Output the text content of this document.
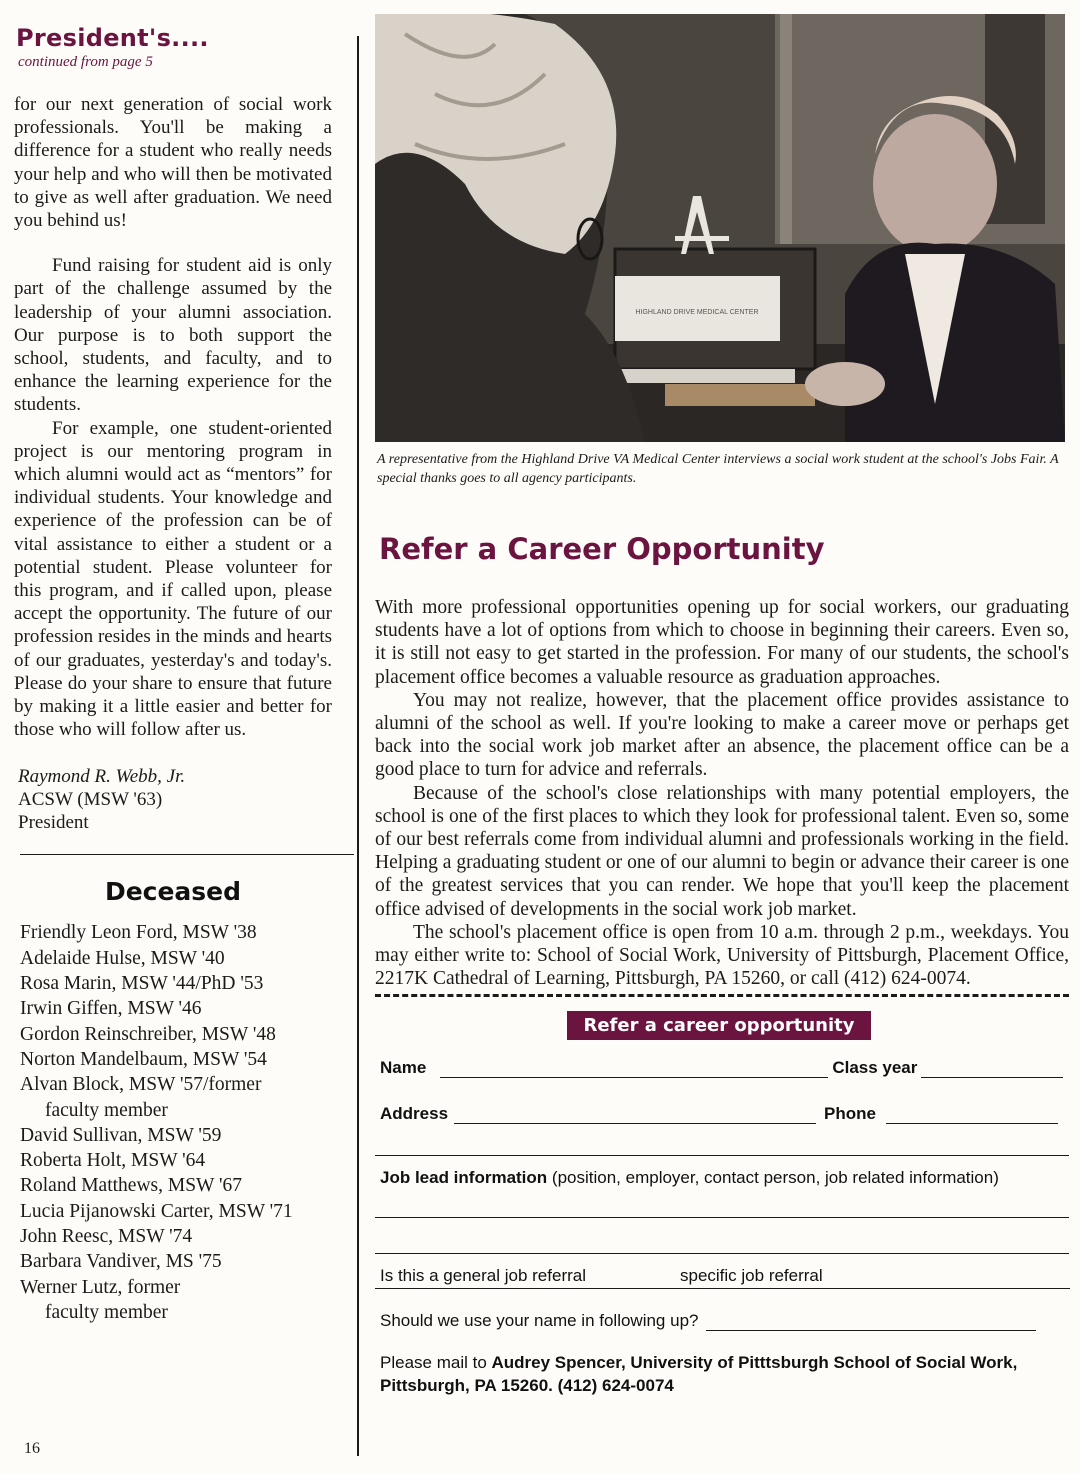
President's....
continued from page 5

for our next generation of social work professionals. You'll be making a difference for a student who really needs your help and who will then be motivated to give as well after graduation. We need you behind us!

Fund raising for student aid is only part of the challenge assumed by the leadership of your alumni association. Our purpose is to both support the school, students, and faculty, and to enhance the learning experience for the students.

For example, one student-oriented project is our mentoring program in which alumni would act as “mentors” for individual students. Your knowledge and experience of the profession can be of vital assistance to either a student or a potential student. Please volunteer for this program, and if called upon, please accept the opportunity. The future of our profession resides in the minds and hearts of our graduates, yesterday's and today's. Please do your share to ensure that future by making it a little easier and better for those who will follow after us.

Raymond R. Webb, Jr.
ACSW (MSW '63)
President
Deceased
Friendly Leon Ford, MSW '38
Adelaide Hulse, MSW '40
Rosa Marin, MSW '44/PhD '53
Irwin Giffen, MSW '46
Gordon Reinschreiber, MSW '48
Norton Mandelbaum, MSW '54
Alvan Block, MSW '57/former
faculty member
David Sullivan, MSW '59
Roberta Holt, MSW '64
Roland Matthews, MSW '67
Lucia Pijanowski Carter, MSW '71
John Reesc, MSW '74
Barbara Vandiver, MS '75
Werner Lutz, former
faculty member
16
HIGHLAND DRIVE MEDICAL CENTER
A representative from the Highland Drive VA Medical Center interviews a social work student at the school's Jobs Fair. A special thanks goes to all agency participants.
Refer a Career Opportunity

With more professional opportunities opening up for social workers, our graduating students have a lot of options from which to choose in beginning their careers. Even so, it is still not easy to get started in the profession. For many of our students, the school's placement office becomes a valuable resource as graduation approaches.

You may not realize, however, that the placement office provides assistance to alumni of the school as well. If you're looking to make a career move or perhaps get back into the social work job market after an absence, the placement office can be a good place to turn for advice and referrals.

Because of the school's close relationships with many potential employers, the school is one of the first places to which they look for professional talent. Even so, some of our best referrals come from individual alumni and professionals working in the field. Helping a graduating student or one of our alumni to begin or advance their career is one of the greatest services that you can render. We hope that you'll keep the placement office advised of developments in the social work job market.

The school's placement office is open from 10 a.m. through 2 p.m., weekdays. You may either write to: School of Social Work, University of Pittsburgh, Placement Office, 2217K Cathedral of Learning, Pittsburgh, PA 15260, or call (412) 624-0074.

Refer a career opportunity
Name	Class year
Address	Phone
Job lead information (position, employer, contact person, job related information)
Is this a general job referral	specific job referral
Should we use your name in following up?
Please mail to Audrey Spencer, University of Pitttsburgh School of Social Work, Pittsburgh, PA 15260. (412) 624-0074
